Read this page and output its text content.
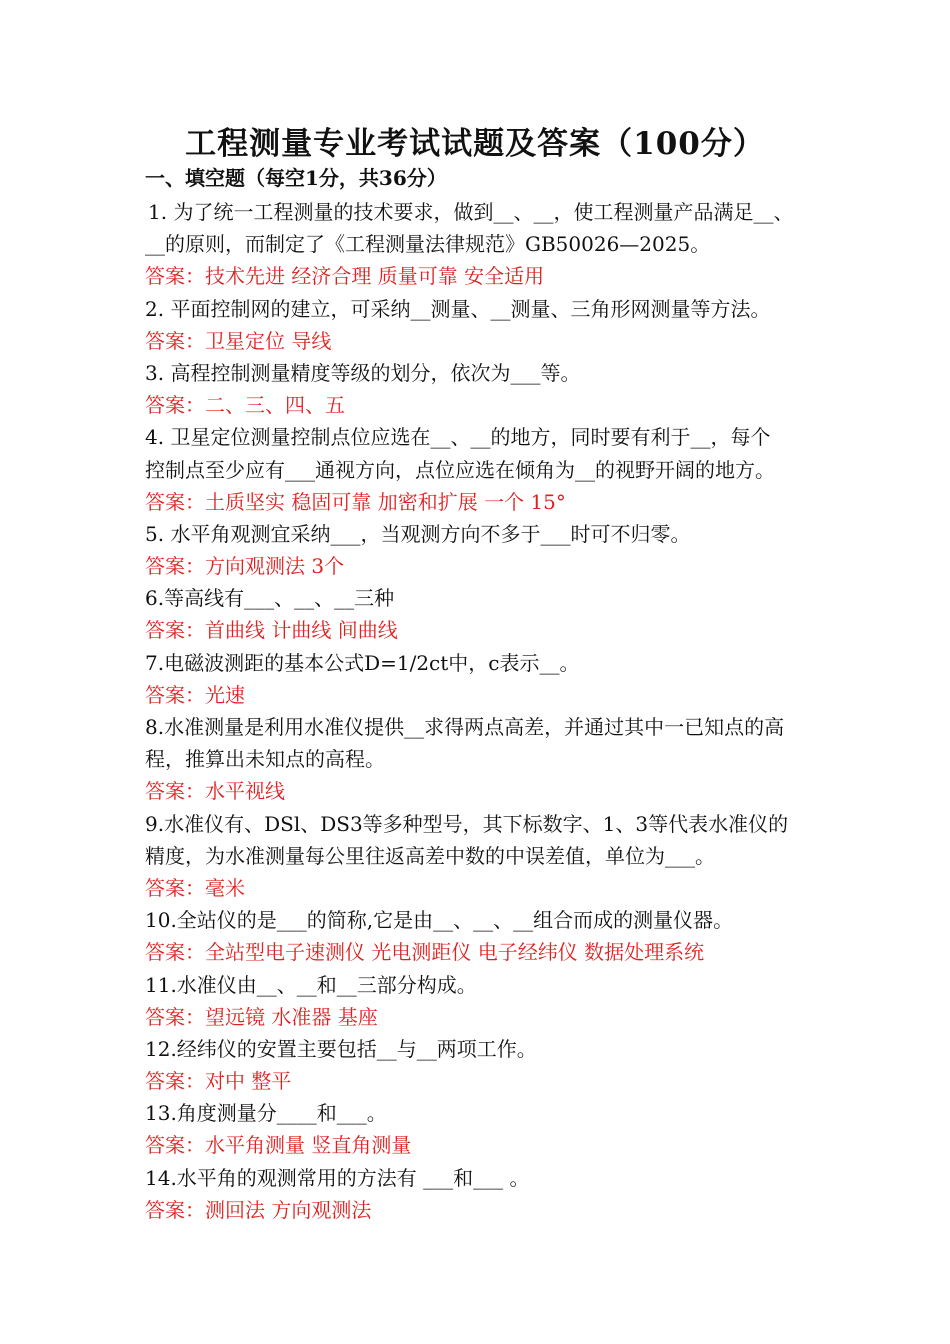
工程测量专业考试试题及答案（100分）
一、填空题（每空1分，共36分）
1. 为了统一工程测量的技术要求，做到__、__，使工程测量产品满足__、
__的原则，而制定了《工程测量法律规范》GB50026—2025。
答案：技术先进 经济合理 质量可靠 安全适用
2. 平面控制网的建立，可采纳__测量、__测量、三角形网测量等方法。
答案：卫星定位 导线
3. 高程控制测量精度等级的划分，依次为___等。
答案：二、三、四、五
4. 卫星定位测量控制点位应选在__、__的地方，同时要有利于__，每个
控制点至少应有___通视方向，点位应选在倾角为__的视野开阔的地方。
答案：土质坚实 稳固可靠 加密和扩展 一个 15°
5. 水平角观测宜采纳___，当观测方向不多于___时可不归零。
答案：方向观测法 3个
6.等高线有___、__、__三种
答案：首曲线 计曲线 间曲线
7.电磁波测距的基本公式D=1/2ct中，c表示__。
答案：光速
8.水准测量是利用水准仪提供__求得两点高差，并通过其中一已知点的高
程，推算出未知点的高程。
答案：水平视线
9.水准仪有、DSl、DS3等多种型号，其下标数字、1、3等代表水准仪的
精度，为水准测量每公里往返高差中数的中误差值，单位为___。
答案：毫米
10.全站仪的是___的简称,它是由__、__、__组合而成的测量仪器。
答案：全站型电子速测仪 光电测距仪 电子经纬仪 数据处理系统
11.水准仪由__、__和__三部分构成。
答案：望远镜 水准器 基座
12.经纬仪的安置主要包括__与__两项工作。
答案：对中 整平
13.角度测量分____和___。
答案：水平角测量 竖直角测量
14.水平角的观测常用的方法有 ___和___ 。
答案：测回法 方向观测法
